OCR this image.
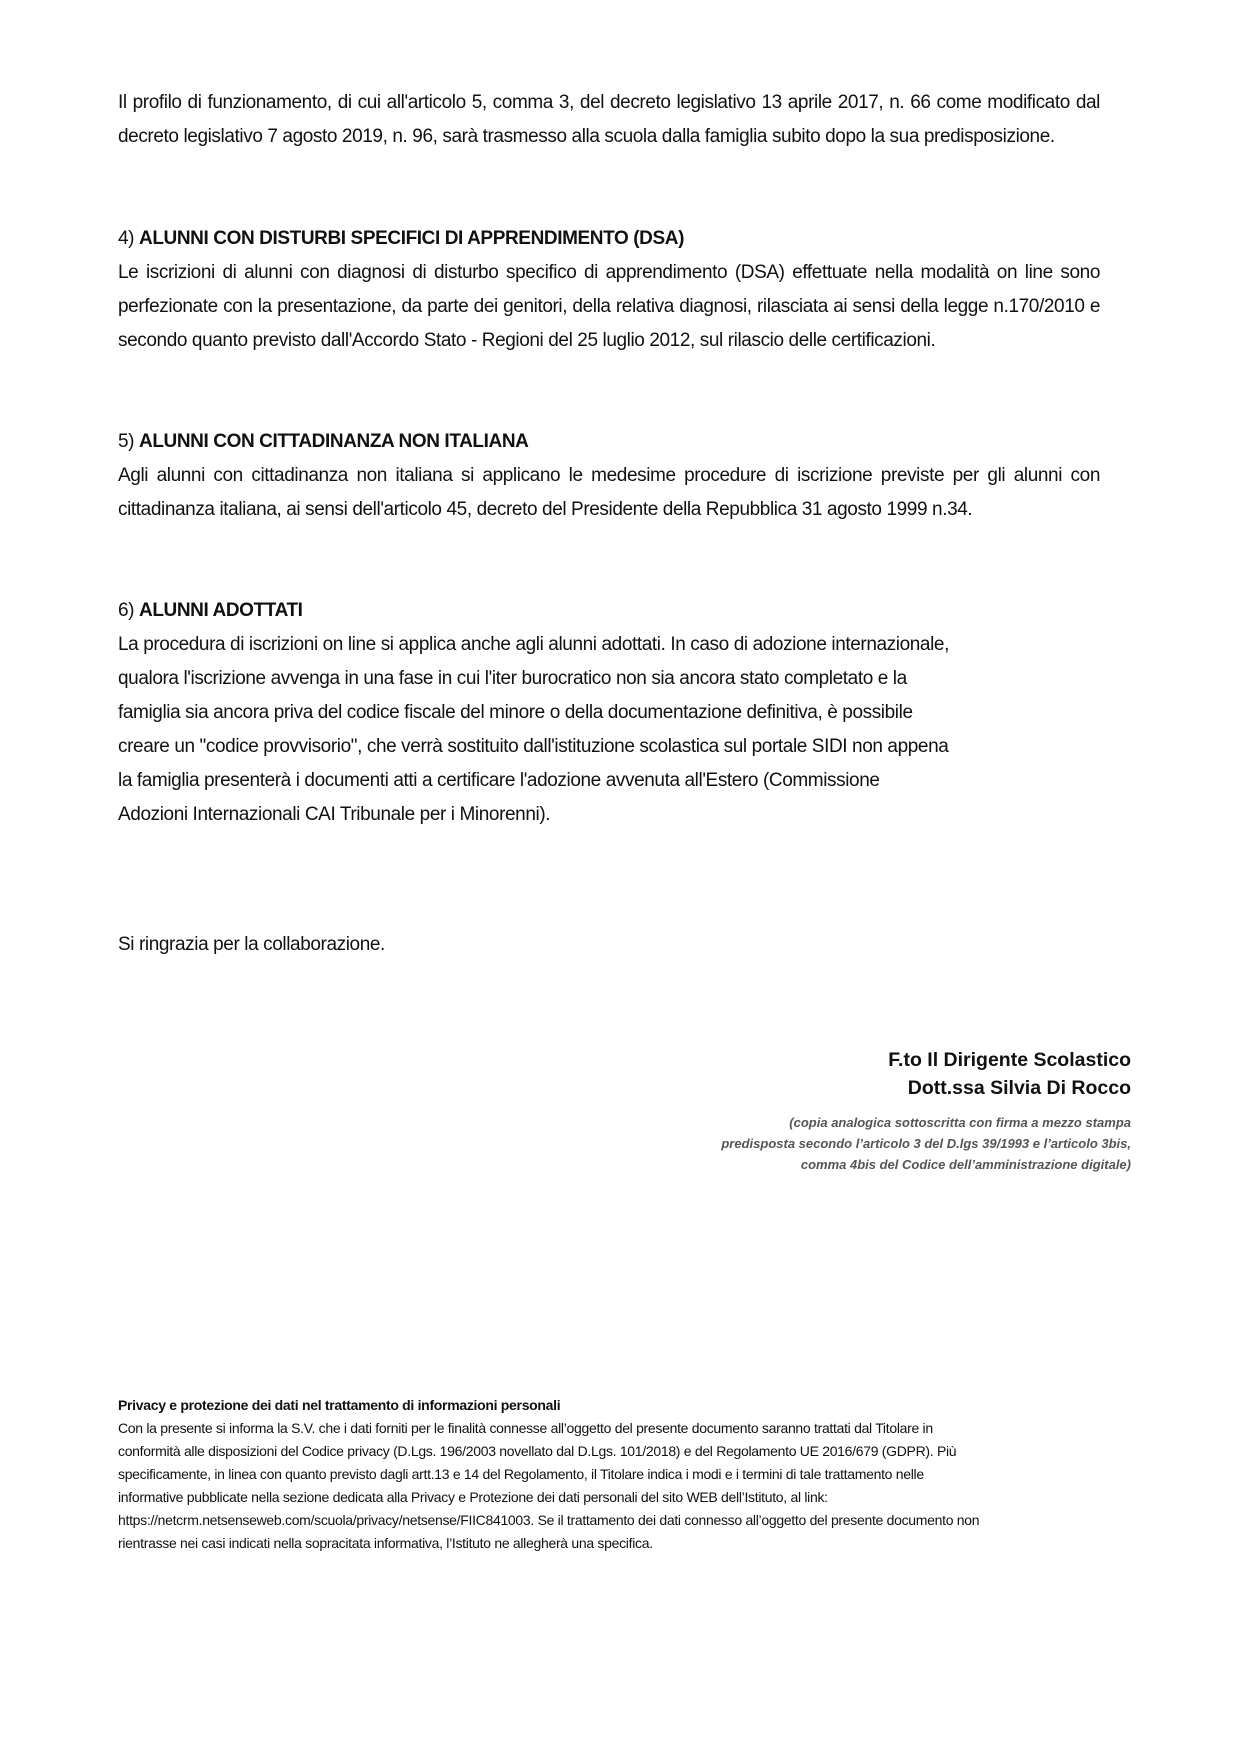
Il profilo di funzionamento, di cui all'articolo 5, comma 3, del decreto legislativo 13 aprile 2017, n. 66 come modificato dal decreto legislativo 7 agosto 2019, n. 96, sarà trasmesso alla scuola dalla famiglia subito dopo la sua predisposizione.

4) ALUNNI CON DISTURBI SPECIFICI DI APPRENDIMENTO (DSA)

Le iscrizioni di alunni con diagnosi di disturbo specifico di apprendimento (DSA) effettuate nella modalità on line sono perfezionate con la presentazione, da parte dei genitori, della relativa diagnosi, rilasciata ai sensi della legge n.170/2010 e secondo quanto previsto dall'Accordo Stato - Regioni del 25 luglio 2012, sul rilascio delle certificazioni.

5) ALUNNI CON CITTADINANZA NON ITALIANA

Agli alunni con cittadinanza non italiana si applicano le medesime procedure di iscrizione previste per gli alunni con cittadinanza italiana, ai sensi dell'articolo 45, decreto del Presidente della Repubblica 31 agosto 1999 n.34.

6) ALUNNI ADOTTATI
La procedura di iscrizioni on line si applica anche agli alunni adottati. In caso di adozione internazionale,
qualora l'iscrizione avvenga in una fase in cui l'iter burocratico non sia ancora stato completato e la
famiglia sia ancora priva del codice fiscale del minore o della documentazione definitiva, è possibile
creare un "codice provvisorio", che verrà sostituito dall'istituzione scolastica sul portale SIDI non appena
la famiglia presenterà i documenti atti a certificare l'adozione avvenuta all'Estero (Commissione
Adozioni Internazionali CAI Tribunale per i Minorenni).
Si ringrazia per la collaborazione.
F.to Il Dirigente Scolastico
Dott.ssa Silvia Di Rocco
(copia analogica sottoscritta con firma a mezzo stampa
predisposta secondo l’articolo 3 del D.lgs 39/1993 e l’articolo 3bis,
comma 4bis del Codice dell’amministrazione digitale)

Privacy e protezione dei dati nel trattamento di informazioni personali

Con la presente si informa la S.V. che i dati forniti per le finalità connesse all’oggetto del presente documento saranno trattati dal Titolare in

conformità alle disposizioni del Codice privacy (D.Lgs. 196/2003 novellato dal D.Lgs. 101/2018) e del Regolamento UE 2016/679 (GDPR). Più

specificamente, in linea con quanto previsto dagli artt.13 e 14 del Regolamento, il Titolare indica i modi e i termini di tale trattamento nelle

informative pubblicate nella sezione dedicata alla Privacy e Protezione dei dati personali del sito WEB dell’Istituto, al link:

https://netcrm.netsenseweb.com/scuola/privacy/netsense/FIIC841003. Se il trattamento dei dati connesso all’oggetto del presente documento non

rientrasse nei casi indicati nella sopracitata informativa, l’Istituto ne allegherà una specifica.
